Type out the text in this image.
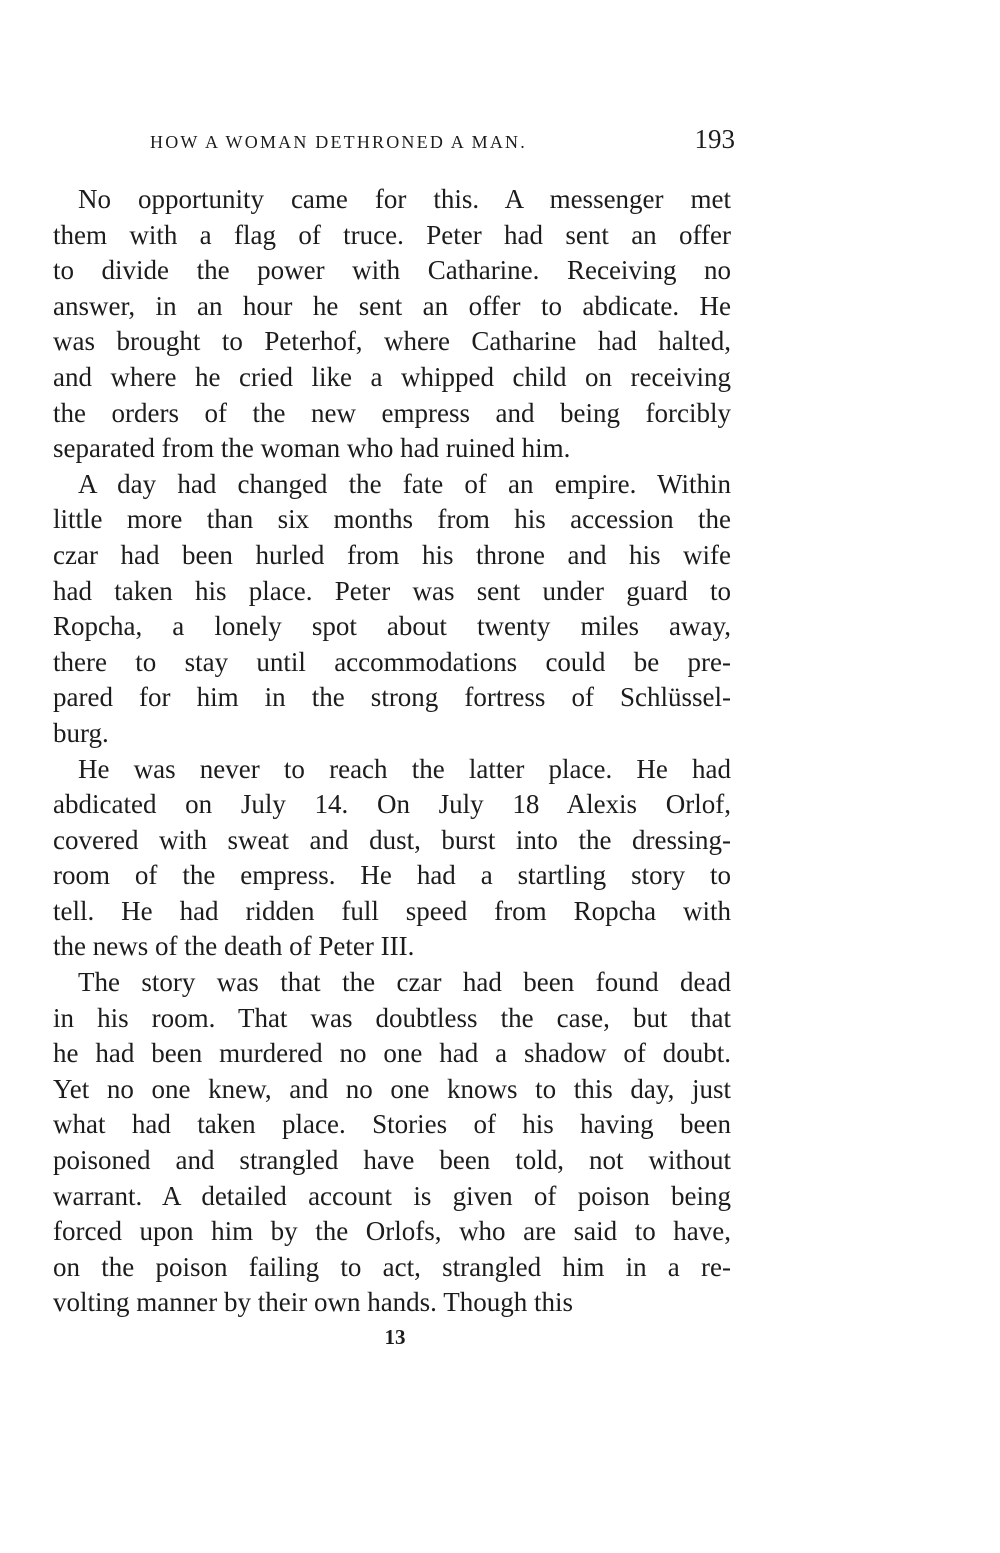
HOW A WOMAN DETHRONED A MAN.	193
No opportunity came for this. A messenger met
them with a flag of truce. Peter had sent an offer
to divide the power with Catharine. Receiving no
answer, in an hour he sent an offer to abdicate. He
was brought to Peterhof, where Catharine had halted,
and where he cried like a whipped child on receiving
the orders of the new empress and being forcibly
separated from the woman who had ruined him.
A day had changed the fate of an empire. Within
little more than six months from his accession the
czar had been hurled from his throne and his wife
had taken his place. Peter was sent under guard to
Ropcha, a lonely spot about twenty miles away,
there to stay until accommodations could be pre-
pared for him in the strong fortress of Schlüssel-
burg.
He was never to reach the latter place. He had
abdicated on July 14. On July 18 Alexis Orlof,
covered with sweat and dust, burst into the dressing-
room of the empress. He had a startling story to
tell. He had ridden full speed from Ropcha with
the news of the death of Peter III.
The story was that the czar had been found dead
in his room. That was doubtless the case, but that
he had been murdered no one had a shadow of doubt.
Yet no one knew, and no one knows to this day, just
what had taken place. Stories of his having been
poisoned and strangled have been told, not without
warrant. A detailed account is given of poison being
forced upon him by the Orlofs, who are said to have,
on the poison failing to act, strangled him in a re-
volting manner by their own hands. Though this
13
